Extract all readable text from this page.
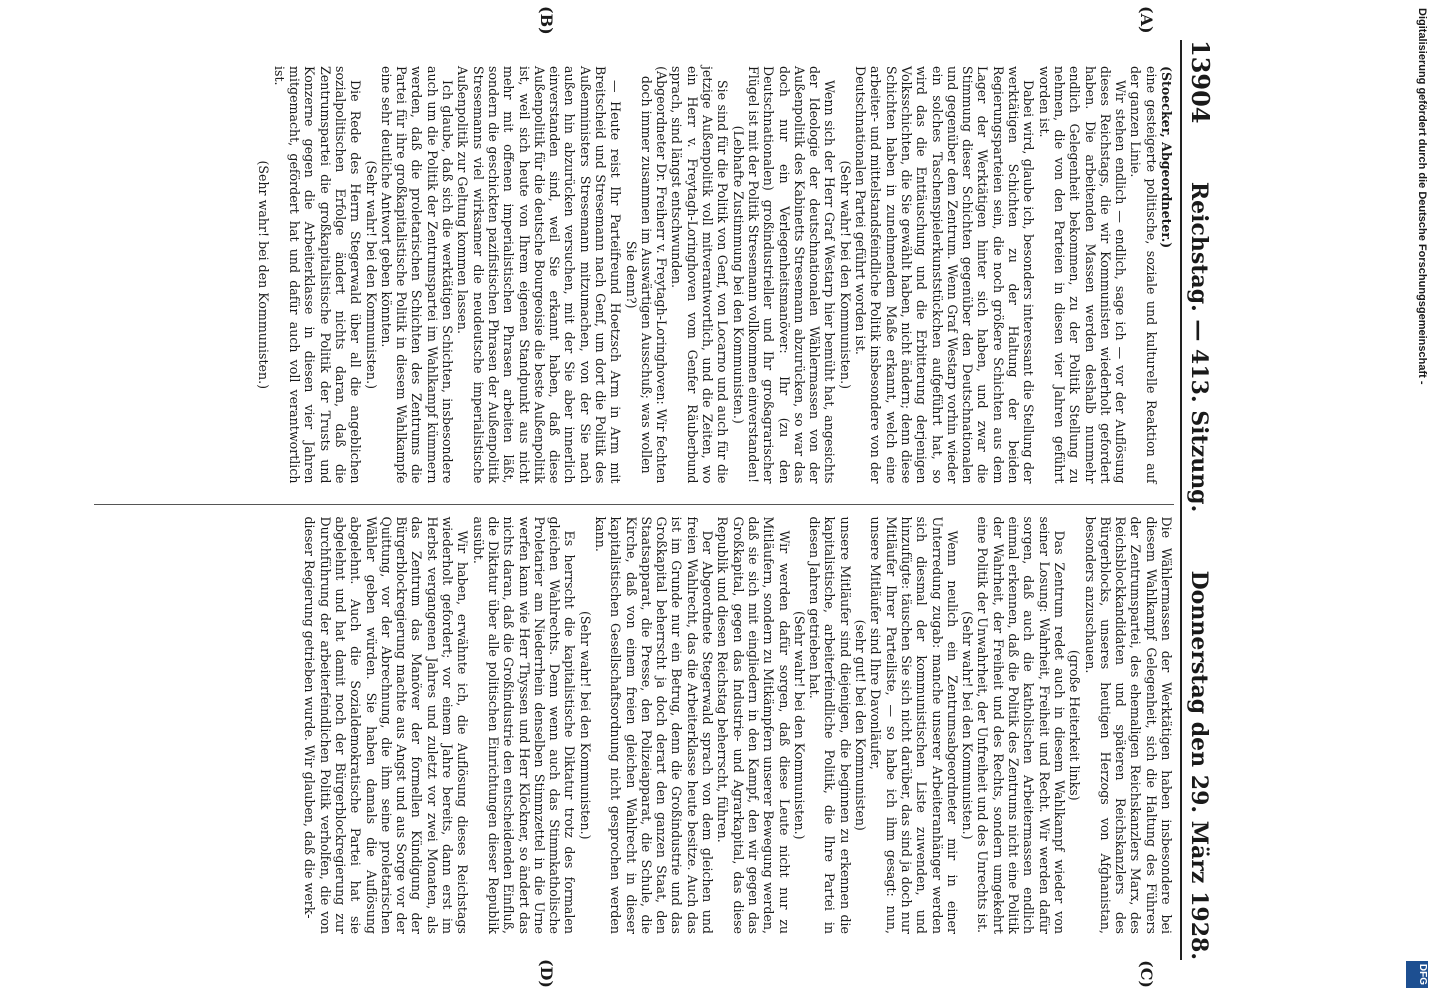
13904
Reichstag. — 413. Sitzung.
Donnerstag den 29. März 1928.
(A)
(B)

(Stoecker, Abgeordneter.)

eine gesteigerte politische, soziale und kulturelle Reaktion auf der ganzen Linie.

Wir stehen endlich — endlich, sage ich — vor der Auflösung dieses Reichstags, die wir Kommunisten wiederholt gefordert haben. Die arbeitenden Massen werden deshalb nunmehr endlich Gelegenheit bekommen, zu der Politik Stellung zu nehmen, die von den Parteien in diesen vier Jahren geführt worden ist.

Dabei wird, glaube ich, besonders interessant die Stellung der werktätigen Schichten zu der Haltung der beiden Regierungsparteien sein, die noch größere Schichten aus dem Lager der Werktätigen hinter sich haben, und zwar die Stimmung dieser Schichten gegenüber den Deutschnationalen und gegenüber dem Zentrum. Wenn Graf Westarp vorhin wieder ein solches Taschenspielerkunststückchen aufgeführt hat, so wird das die Enttäuschung und die Erbitterung derjenigen Volksschichten, die Sie gewählt haben, nicht ändern; denn diese Schichten haben in zunehmendem Maße erkannt, welch eine arbeiter- und mittelstandsfeindliche Politik insbesondere von der Deutschnationalen Partei geführt worden ist.

(Sehr wahr! bei den Kommunisten.)

Wenn sich der Herr Graf Westarp hier bemüht hat, angesichts der Ideologie der deutschnationalen Wählermassen von der Außenpolitik des Kabinetts Stresemann abzurücken, so war das doch nur ein Verlegenheitsmanöver: Ihr (zu den Deutschnationalen) großindustrieller und Ihr großagrarischer Flügel ist mit der Politik Stresemann vollkommen einverstanden!

(Lebhafte Zustimmung bei den Kommunisten.)

Sie sind für die Politik von Genf, von Locarno und auch für die jetzige Außenpolitik voll mitverantwortlich, und die Zeiten, wo ein Herr v. Freytagh-Loringhoven vom Genfer Räuberbund sprach, sind längst entschwunden.

(Abgeordneter Dr. Freiherr v. Freytagh-Loringhoven: Wir fechten doch immer zusammen im Auswärtigen Ausschuß; was wollen Sie denn?)

— Heute reist Ihr Parteifreund Hoetzsch Arm in Arm mit Breitscheid und Stresemann nach Genf, um dort die Politik des Außenministers Stresemann mitzumachen, von der Sie nach außen hin abzurücken versuchen, mit der Sie aber innerlich einverstanden sind, weil Sie erkannt haben, daß diese Außenpolitik für die deutsche Bourgeoisie die beste Außenpolitik ist, weil sich heute von Ihrem eigenen Standpunkt aus nicht mehr mit offenen imperialistischen Phrasen arbeiten läßt, sondern die geschickten pazifistischen Phrasen der Außenpolitik Stresemanns viel wirksamer die neudeutsche imperialistische Außenpolitik zur Geltung kommen lassen.

Ich glaube, daß sich die werktätigen Schichten, insbesondere auch um die Politik der Zentrumspartei im Wahlkampf kümmern werden, daß die proletarischen Schichten des Zentrums die Partei für ihre großkapitalistische Politik in diesem Wahlkampfe eine sehr deutliche Antwort geben könnten.

(Sehr wahr! bei den Kommunisten.)

Die Rede des Herrn Stegerwald über all die angeblichen sozialpolitischen Erfolge ändert nichts daran, daß die Zentrumspartei die großkapitalistische Politik der Trusts und Konzerne gegen die Arbeiterklasse in diesen vier Jahren mitgemacht, gefördert hat und dafür auch voll verantwortlich ist.

(Sehr wahr! bei den Kommunisten.)

(C)
(D)

Die Wählermassen der Werktätigen haben insbesondere bei diesem Wahlkampf Gelegenheit, sich die Haltung des Führers der Zentrumspartei, des ehemaligen Reichskanzlers Marx, des Reichsblockkandidaten und späteren Reichskanzlers des Bürgerblocks, unseres heutigen Herzogs von Afghanistan, besonders anzuschauen.

(große Heiterkeit links)

Das Zentrum redet auch in diesem Wahlkampf wieder von seiner Losung: Wahrheit, Freiheit und Recht. Wir werden dafür sorgen, daß auch die katholischen Arbeitermassen endlich einmal erkennen, daß die Politik des Zentrums nicht eine Politik der Wahrheit, der Freiheit und des Rechts, sondern umgekehrt eine Politik der Unwahrheit, der Unfreiheit und des Unrechts ist.

(Sehr wahr! bei den Kommunisten.)

Wenn neulich ein Zentrumsabgeordneter mir in einer Unterredung zugab: manche unserer Arbeiteranhänger werden sich diesmal der kommunistischen Liste zuwenden, und hinzufügte: täuschen Sie sich nicht darüber, das sind ja doch nur Mitläufer Ihrer Parteiliste, — so habe ich ihm gesagt: nun, unsere Mitläufer sind Ihre Davonläufer,

(sehr gut! bei den Kommunisten)

unsere Mitläufer sind diejenigen, die beginnen zu erkennen die kapitalistische, arbeiterfeindliche Politik, die Ihre Partei in diesen Jahren getrieben hat.

(Sehr wahr! bei den Kommunisten.)

Wir werden dafür sorgen, daß diese Leute nicht nur zu Mitläufern, sondern zu Mitkämpfern unserer Bewegung werden, daß sie sich mit eingliedern in den Kampf, den wir gegen das Großkapital, gegen das Industrie- und Agrarkapital, das diese Republik und diesen Reichstag beherrscht, führen.

Der Abgeordnete Stegerwald sprach von dem gleichen und freien Wahlrecht, das die Arbeiterklasse heute besitze. Auch das ist im Grunde nur ein Betrug, denn die Großindustrie und das Großkapital beherrscht ja doch derart den ganzen Staat, den Staatsapparat, die Presse, den Polizeiapparat, die Schule, die Kirche, daß von einem freien gleichen Wahlrecht in dieser kapitalistischen Gesellschaftsordnung nicht gesprochen werden kann.

(Sehr wahr! bei den Kommunisten.)

Es herrscht die kapitalistische Diktatur trotz des formalen gleichen Wahlrechts. Denn wenn auch das Stimmkatholische Proletarier am Niederrhein denselben Stimmzettel in die Urne werfen kann wie Herr Thyssen und Herr Klöckner, so ändert das nichts daran, daß die Großindustrie den entscheidenden Einfluß, die Diktatur über alle politischen Einrichtungen dieser Republik ausübt.

Wir haben, erwähnte ich, die Auflösung dieses Reichstags wiederholt gefordert; vor einem Jahre bereits, dann erst im Herbst vergangenen Jahres und zuletzt vor zwei Monaten, als das Zentrum das Manöver der formellen Kündigung der Bürgerblockregierung machte aus Angst und aus Sorge vor der Quittung, vor der Abrechnung, die ihm seine proletarischen Wähler geben würden. Sie haben damals die Auflösung abgelehnt. Auch die Sozialdemokratische Partei hat sie abgelehnt und hat damit noch der Bürgerblockregierung zur Durchführung der arbeiterfeindlichen Politik verholfen, die von dieser Regierung getrieben wurde. Wir glauben, daß die werk-

Digitalisierung gefördert durch die Deutsche Forschungsgemeinschaft -
DFG
